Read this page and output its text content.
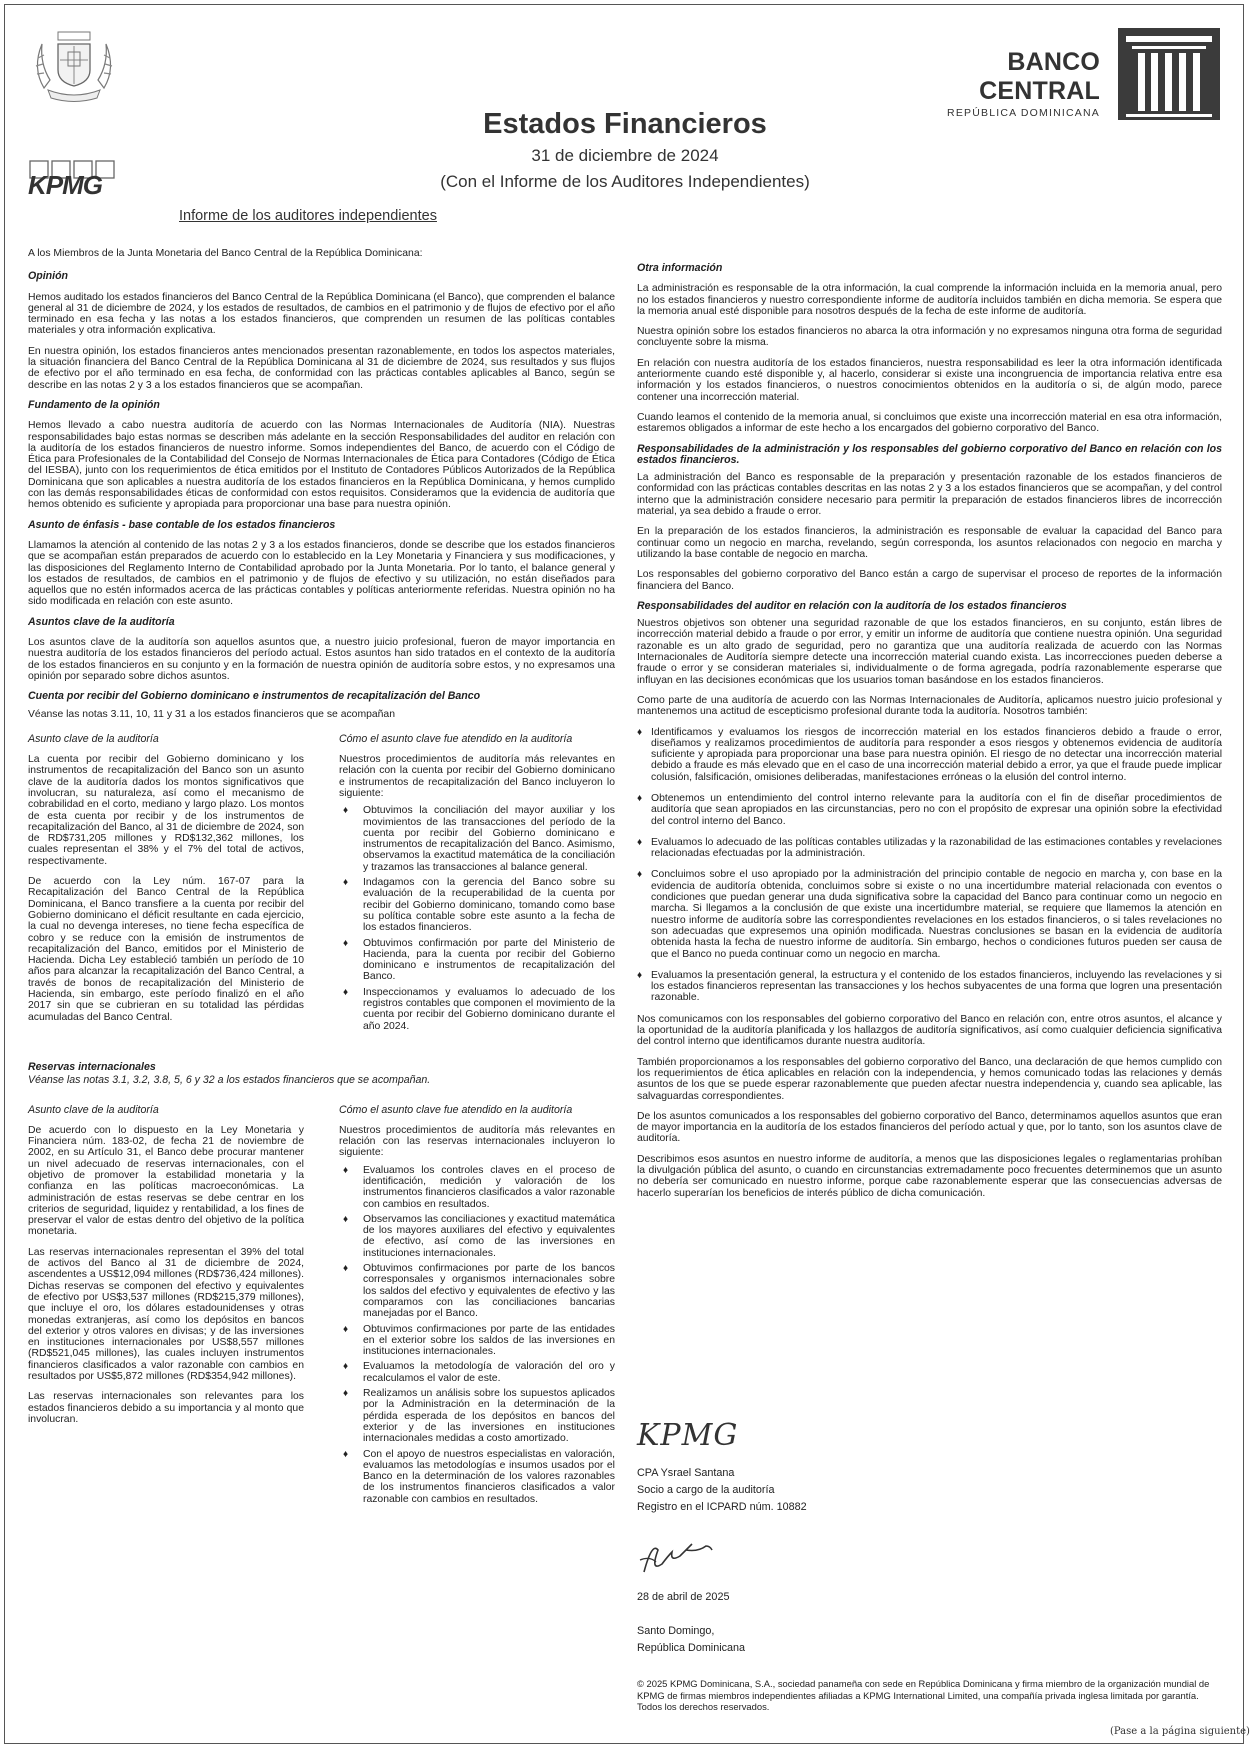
BANCO CENTRAL
REPÚBLICA DOMINICANA
Estados Financieros
31 de diciembre de 2024
(Con el Informe de los Auditores Independientes)
KPMG
Informe de los auditores independientes

A los Miembros de la Junta Monetaria del Banco Central de la República Dominicana:

Opinión

Hemos auditado los estados financieros del Banco Central de la República Dominicana (el Banco), que comprenden el balance general al 31 de diciembre de 2024, y los estados de resultados, de cambios en el patrimonio y de flujos de efectivo por el año terminado en esa fecha y las notas a los estados financieros, que comprenden un resumen de las políticas contables materiales y otra información explicativa.

En nuestra opinión, los estados financieros antes mencionados presentan razonablemente, en todos los aspectos materiales, la situación financiera del Banco Central de la República Dominicana al 31 de diciembre de 2024, sus resultados y sus flujos de efectivo por el año terminado en esa fecha, de conformidad con las prácticas contables aplicables al Banco, según se describe en las notas 2 y 3 a los estados financieros que se acompañan.

Fundamento de la opinión

Hemos llevado a cabo nuestra auditoría de acuerdo con las Normas Internacionales de Auditoría (NIA). Nuestras responsabilidades bajo estas normas se describen más adelante en la sección Responsabilidades del auditor en relación con la auditoría de los estados financieros de nuestro informe. Somos independientes del Banco, de acuerdo con el Código de Ética para Profesionales de la Contabilidad del Consejo de Normas Internacionales de Ética para Contadores (Código de Ética del IESBA), junto con los requerimientos de ética emitidos por el Instituto de Contadores Públicos Autorizados de la República Dominicana que son aplicables a nuestra auditoría de los estados financieros en la República Dominicana, y hemos cumplido con las demás responsabilidades éticas de conformidad con estos requisitos. Consideramos que la evidencia de auditoría que hemos obtenido es suficiente y apropiada para proporcionar una base para nuestra opinión.

Asunto de énfasis - base contable de los estados financieros

Llamamos la atención al contenido de las notas 2 y 3 a los estados financieros, donde se describe que los estados financieros que se acompañan están preparados de acuerdo con lo establecido en la Ley Monetaria y Financiera y sus modificaciones, y las disposiciones del Reglamento Interno de Contabilidad aprobado por la Junta Monetaria. Por lo tanto, el balance general y los estados de resultados, de cambios en el patrimonio y de flujos de efectivo y su utilización, no están diseñados para aquellos que no estén informados acerca de las prácticas contables y políticas anteriormente referidas. Nuestra opinión no ha sido modificada en relación con este asunto.

Asuntos clave de la auditoría

Los asuntos clave de la auditoría son aquellos asuntos que, a nuestro juicio profesional, fueron de mayor importancia en nuestra auditoría de los estados financieros del período actual. Estos asuntos han sido tratados en el contexto de la auditoría de los estados financieros en su conjunto y en la formación de nuestra opinión de auditoría sobre estos, y no expresamos una opinión por separado sobre dichos asuntos.

Cuenta por recibir del Gobierno dominicano e instrumentos de recapitalización del Banco

Véanse las notas 3.11, 10, 11 y 31 a los estados financieros que se acompañan

Asunto clave de la auditoría

La cuenta por recibir del Gobierno dominicano y los instrumentos de recapitalización del Banco son un asunto clave de la auditoría dados los montos significativos que involucran, su naturaleza, así como el mecanismo de cobrabilidad en el corto, mediano y largo plazo. Los montos de esta cuenta por recibir y de los instrumentos de recapitalización del Banco, al 31 de diciembre de 2024, son de RD$731,205 millones y RD$132,362 millones, los cuales representan el 38% y el 7% del total de activos, respectivamente.

De acuerdo con la Ley núm. 167-07 para la Recapitalización del Banco Central de la República Dominicana, el Banco transfiere a la cuenta por recibir del Gobierno dominicano el déficit resultante en cada ejercicio, la cual no devenga intereses, no tiene fecha específica de cobro y se reduce con la emisión de instrumentos de recapitalización del Banco, emitidos por el Ministerio de Hacienda. Dicha Ley estableció también un período de 10 años para alcanzar la recapitalización del Banco Central, a través de bonos de recapitalización del Ministerio de Hacienda, sin embargo, este período finalizó en el año 2017 sin que se cubrieran en su totalidad las pérdidas acumuladas del Banco Central.

Cómo el asunto clave fue atendido en la auditoría

Nuestros procedimientos de auditoría más relevantes en relación con la cuenta por recibir del Gobierno dominicano e instrumentos de recapitalización del Banco incluyeron lo siguiente:

♦ Obtuvimos la conciliación del mayor auxiliar y los movimientos de las transacciones del período de la cuenta por recibir del Gobierno dominicano e instrumentos de recapitalización del Banco. Asimismo, observamos la exactitud matemática de la conciliación y trazamos las transacciones al balance general.
♦ Indagamos con la gerencia del Banco sobre su evaluación de la recuperabilidad de la cuenta por recibir del Gobierno dominicano, tomando como base su política contable sobre este asunto a la fecha de los estados financieros.
♦ Obtuvimos confirmación por parte del Ministerio de Hacienda, para la cuenta por recibir del Gobierno dominicano e instrumentos de recapitalización del Banco.
♦ Inspeccionamos y evaluamos lo adecuado de los registros contables que componen el movimiento de la cuenta por recibir del Gobierno dominicano durante el año 2024.

Reservas internacionales

Véanse las notas 3.1, 3.2, 3.8, 5, 6 y 32 a los estados financieros que se acompañan.

Asunto clave de la auditoría

De acuerdo con lo dispuesto en la Ley Monetaria y Financiera núm. 183-02, de fecha 21 de noviembre de 2002, en su Artículo 31, el Banco debe procurar mantener un nivel adecuado de reservas internacionales, con el objetivo de promover la estabilidad monetaria y la confianza en las políticas macroeconómicas. La administración de estas reservas se debe centrar en los criterios de seguridad, liquidez y rentabilidad, a los fines de preservar el valor de estas dentro del objetivo de la política monetaria.

Las reservas internacionales representan el 39% del total de activos del Banco al 31 de diciembre de 2024, ascendentes a US$12,094 millones (RD$736,424 millones). Dichas reservas se componen del efectivo y equivalentes de efectivo por US$3,537 millones (RD$215,379 millones), que incluye el oro, los dólares estadounidenses y otras monedas extranjeras, así como los depósitos en bancos del exterior y otros valores en divisas; y de las inversiones en instituciones internacionales por US$8,557 millones (RD$521,045 millones), las cuales incluyen instrumentos financieros clasificados a valor razonable con cambios en resultados por US$5,872 millones (RD$354,942 millones).

Las reservas internacionales son relevantes para los estados financieros debido a su importancia y al monto que involucran.

Cómo el asunto clave fue atendido en la auditoría

Nuestros procedimientos de auditoría más relevantes en relación con las reservas internacionales incluyeron lo siguiente:

♦ Evaluamos los controles claves en el proceso de identificación, medición y valoración de los instrumentos financieros clasificados a valor razonable con cambios en resultados.
♦ Observamos las conciliaciones y exactitud matemática de los mayores auxiliares del efectivo y equivalentes de efectivo, así como de las inversiones en instituciones internacionales.
♦ Obtuvimos confirmaciones por parte de los bancos corresponsales y organismos internacionales sobre los saldos del efectivo y equivalentes de efectivo y las comparamos con las conciliaciones bancarias manejadas por el Banco.
♦ Obtuvimos confirmaciones por parte de las entidades en el exterior sobre los saldos de las inversiones en instituciones internacionales.
♦ Evaluamos la metodología de valoración del oro y recalculamos el valor de este.
♦ Realizamos un análisis sobre los supuestos aplicados por la Administración en la determinación de la pérdida esperada de los depósitos en bancos del exterior y de las inversiones en instituciones internacionales medidas a costo amortizado.
♦ Con el apoyo de nuestros especialistas en valoración, evaluamos las metodologías e insumos usados por el Banco en la determinación de los valores razonables de los instrumentos financieros clasificados a valor razonable con cambios en resultados.

Otra información

La administración es responsable de la otra información, la cual comprende la información incluida en la memoria anual, pero no los estados financieros y nuestro correspondiente informe de auditoría incluidos también en dicha memoria. Se espera que la memoria anual esté disponible para nosotros después de la fecha de este informe de auditoría.

Nuestra opinión sobre los estados financieros no abarca la otra información y no expresamos ninguna otra forma de seguridad concluyente sobre la misma.

En relación con nuestra auditoría de los estados financieros, nuestra responsabilidad es leer la otra información identificada anteriormente cuando esté disponible y, al hacerlo, considerar si existe una incongruencia de importancia relativa entre esa información y los estados financieros, o nuestros conocimientos obtenidos en la auditoría o si, de algún modo, parece contener una incorrección material.

Cuando leamos el contenido de la memoria anual, si concluimos que existe una incorrección material en esa otra información, estaremos obligados a informar de este hecho a los encargados del gobierno corporativo del Banco.

Responsabilidades de la administración y los responsables del gobierno corporativo del Banco en relación con los estados financieros.

La administración del Banco es responsable de la preparación y presentación razonable de los estados financieros de conformidad con las prácticas contables descritas en las notas 2 y 3 a los estados financieros que se acompañan, y del control interno que la administración considere necesario para permitir la preparación de estados financieros libres de incorrección material, ya sea debido a fraude o error.

En la preparación de los estados financieros, la administración es responsable de evaluar la capacidad del Banco para continuar como un negocio en marcha, revelando, según corresponda, los asuntos relacionados con negocio en marcha y utilizando la base contable de negocio en marcha.

Los responsables del gobierno corporativo del Banco están a cargo de supervisar el proceso de reportes de la información financiera del Banco.

Responsabilidades del auditor en relación con la auditoría de los estados financieros

Nuestros objetivos son obtener una seguridad razonable de que los estados financieros, en su conjunto, están libres de incorrección material debido a fraude o por error, y emitir un informe de auditoría que contiene nuestra opinión. Una seguridad razonable es un alto grado de seguridad, pero no garantiza que una auditoría realizada de acuerdo con las Normas Internacionales de Auditoría siempre detecte una incorrección material cuando exista. Las incorrecciones pueden deberse a fraude o error y se consideran materiales si, individualmente o de forma agregada, podría razonablemente esperarse que influyan en las decisiones económicas que los usuarios toman basándose en los estados financieros.

Como parte de una auditoría de acuerdo con las Normas Internacionales de Auditoría, aplicamos nuestro juicio profesional y mantenemos una actitud de escepticismo profesional durante toda la auditoría. Nosotros también:

♦ Identificamos y evaluamos los riesgos de incorrección material en los estados financieros debido a fraude o error, diseñamos y realizamos procedimientos de auditoría para responder a esos riesgos y obtenemos evidencia de auditoría suficiente y apropiada para proporcionar una base para nuestra opinión. El riesgo de no detectar una incorrección material debido a fraude es más elevado que en el caso de una incorrección material debido a error, ya que el fraude puede implicar colusión, falsificación, omisiones deliberadas, manifestaciones erróneas o la elusión del control interno.
♦ Obtenemos un entendimiento del control interno relevante para la auditoría con el fin de diseñar procedimientos de auditoría que sean apropiados en las circunstancias, pero no con el propósito de expresar una opinión sobre la efectividad del control interno del Banco.
♦ Evaluamos lo adecuado de las políticas contables utilizadas y la razonabilidad de las estimaciones contables y revelaciones relacionadas efectuadas por la administración.
♦ Concluimos sobre el uso apropiado por la administración del principio contable de negocio en marcha y, con base en la evidencia de auditoría obtenida, concluimos sobre si existe o no una incertidumbre material relacionada con eventos o condiciones que puedan generar una duda significativa sobre la capacidad del Banco para continuar como un negocio en marcha. Si llegamos a la conclusión de que existe una incertidumbre material, se requiere que llamemos la atención en nuestro informe de auditoría sobre las correspondientes revelaciones en los estados financieros, o si tales revelaciones no son adecuadas que expresemos una opinión modificada. Nuestras conclusiones se basan en la evidencia de auditoría obtenida hasta la fecha de nuestro informe de auditoría. Sin embargo, hechos o condiciones futuros pueden ser causa de que el Banco no pueda continuar como un negocio en marcha.
♦ Evaluamos la presentación general, la estructura y el contenido de los estados financieros, incluyendo las revelaciones y si los estados financieros representan las transacciones y los hechos subyacentes de una forma que logren una presentación razonable.

Nos comunicamos con los responsables del gobierno corporativo del Banco en relación con, entre otros asuntos, el alcance y la oportunidad de la auditoría planificada y los hallazgos de auditoría significativos, así como cualquier deficiencia significativa del control interno que identificamos durante nuestra auditoría.

También proporcionamos a los responsables del gobierno corporativo del Banco, una declaración de que hemos cumplido con los requerimientos de ética aplicables en relación con la independencia, y hemos comunicado todas las relaciones y demás asuntos de los que se puede esperar razonablemente que pueden afectar nuestra independencia y, cuando sea aplicable, las salvaguardas correspondientes.

De los asuntos comunicados a los responsables del gobierno corporativo del Banco, determinamos aquellos asuntos que eran de mayor importancia en la auditoría de los estados financieros del período actual y que, por lo tanto, son los asuntos clave de auditoría.

Describimos esos asuntos en nuestro informe de auditoría, a menos que las disposiciones legales o reglamentarias prohíban la divulgación pública del asunto, o cuando en circunstancias extremadamente poco frecuentes determinemos que un asunto no debería ser comunicado en nuestro informe, porque cabe razonablemente esperar que las consecuencias adversas de hacerlo superarían los beneficios de interés público de dicha comunicación.

KPMG
CPA Ysrael Santana
Socio a cargo de la auditoría
Registro en el ICPARD núm. 10882
28 de abril de 2025
Santo Domingo,
República Dominicana
© 2025 KPMG Dominicana, S.A., sociedad panameña con sede en República Dominicana y firma miembro de la organización mundial de KPMG de firmas miembros independientes afiliadas a KPMG International Limited, una compañía privada inglesa limitada por garantía. Todos los derechos reservados.
(Pase a la página siguiente)
